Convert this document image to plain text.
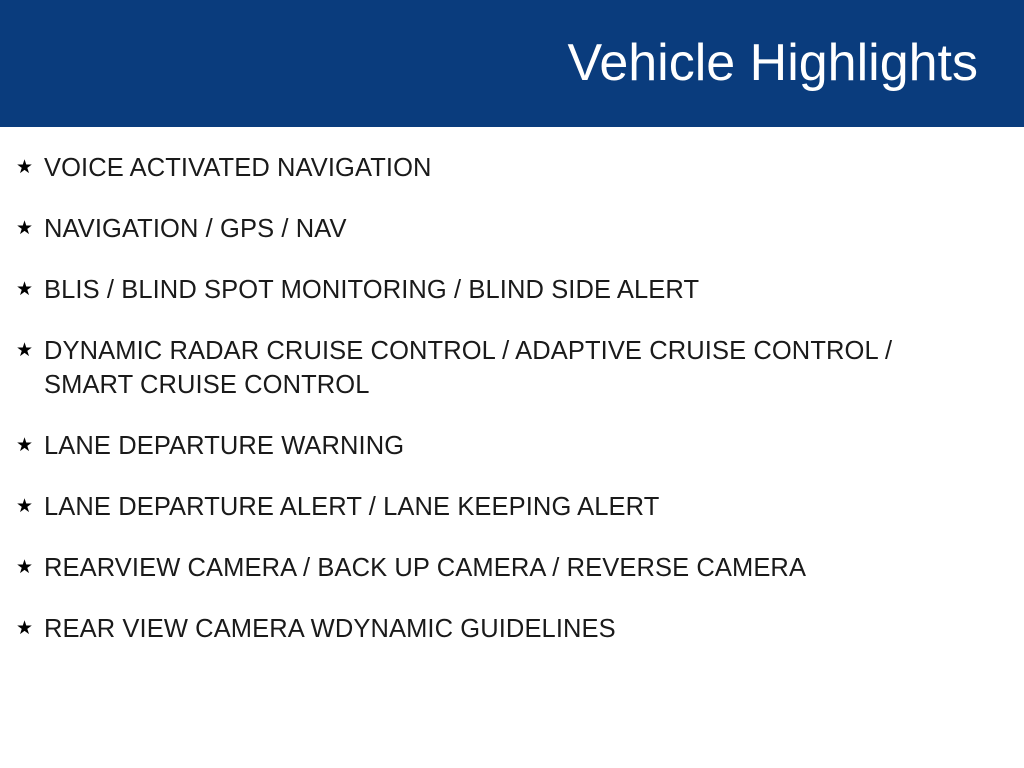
Vehicle Highlights
★ VOICE ACTIVATED NAVIGATION
★ NAVIGATION / GPS / NAV
★ BLIS / BLIND SPOT MONITORING / BLIND SIDE ALERT
★ DYNAMIC RADAR CRUISE CONTROL / ADAPTIVE CRUISE CONTROL / SMART CRUISE CONTROL
★ LANE DEPARTURE WARNING
★ LANE DEPARTURE ALERT / LANE KEEPING ALERT
★ REARVIEW CAMERA / BACK UP CAMERA / REVERSE CAMERA
★ REAR VIEW CAMERA WDYNAMIC GUIDELINES
